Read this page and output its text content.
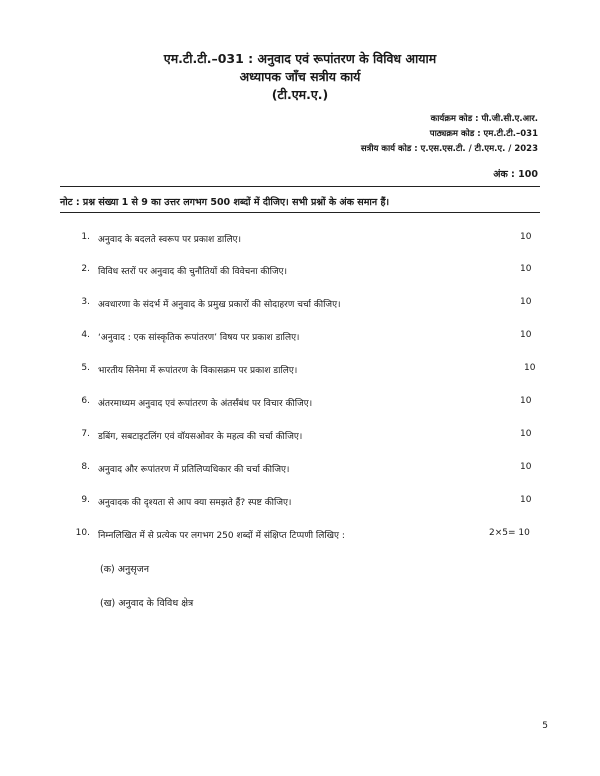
एम.टी.टी.–031 : अनुवाद एवं रूपांतरण के विविध आयाम
अध्यापक जाँच सत्रीय कार्य
(टी.एम.ए.)
कार्यक्रम कोड : पी.जी.सी.ए.आर.
पाठ्यक्रम कोड : एम.टी.टी.–031
सत्रीय कार्य कोड : ए.एस.एस.टी. / टी.एम.ए. / 2023
अंक : 100
नोट : प्रश्न संख्या 1 से 9 का उत्तर लगभग 500 शब्दों में दीजिए। सभी प्रश्नों के अंक समान हैं।
1. अनुवाद के बदलते स्वरूप पर प्रकाश डालिए।	10
2. विविध स्तरों पर अनुवाद की चुनौतियों की विवेचना कीजिए।	10
3. अवधारणा के संदर्भ में अनुवाद के प्रमुख प्रकारों की सोदाहरण चर्चा कीजिए।	10
4. ‘अनुवाद : एक सांस्कृतिक रूपांतरण’ विषय पर प्रकाश डालिए।	10
5. भारतीय सिनेमा में रूपांतरण के विकासक्रम पर प्रकाश डालिए।	10
6. अंतरमाध्यम अनुवाद एवं रूपांतरण के अंतर्संबंध पर विचार कीजिए।	10
7. डबिंग, सबटाइटलिंग एवं वॉयसओवर के महत्व की चर्चा कीजिए।	10
8. अनुवाद और रूपांतरण में प्रतिलिप्यधिकार की चर्चा कीजिए।	10
9. अनुवादक की दृश्यता से आप क्या समझते हैं? स्पष्ट कीजिए।	10
10. निम्नलिखित में से प्रत्येक पर लगभग 250 शब्दों में संक्षिप्त टिप्पणी लिखिए :	2×5= 10
(क) अनुसृजन
(ख) अनुवाद के विविध क्षेत्र
5
